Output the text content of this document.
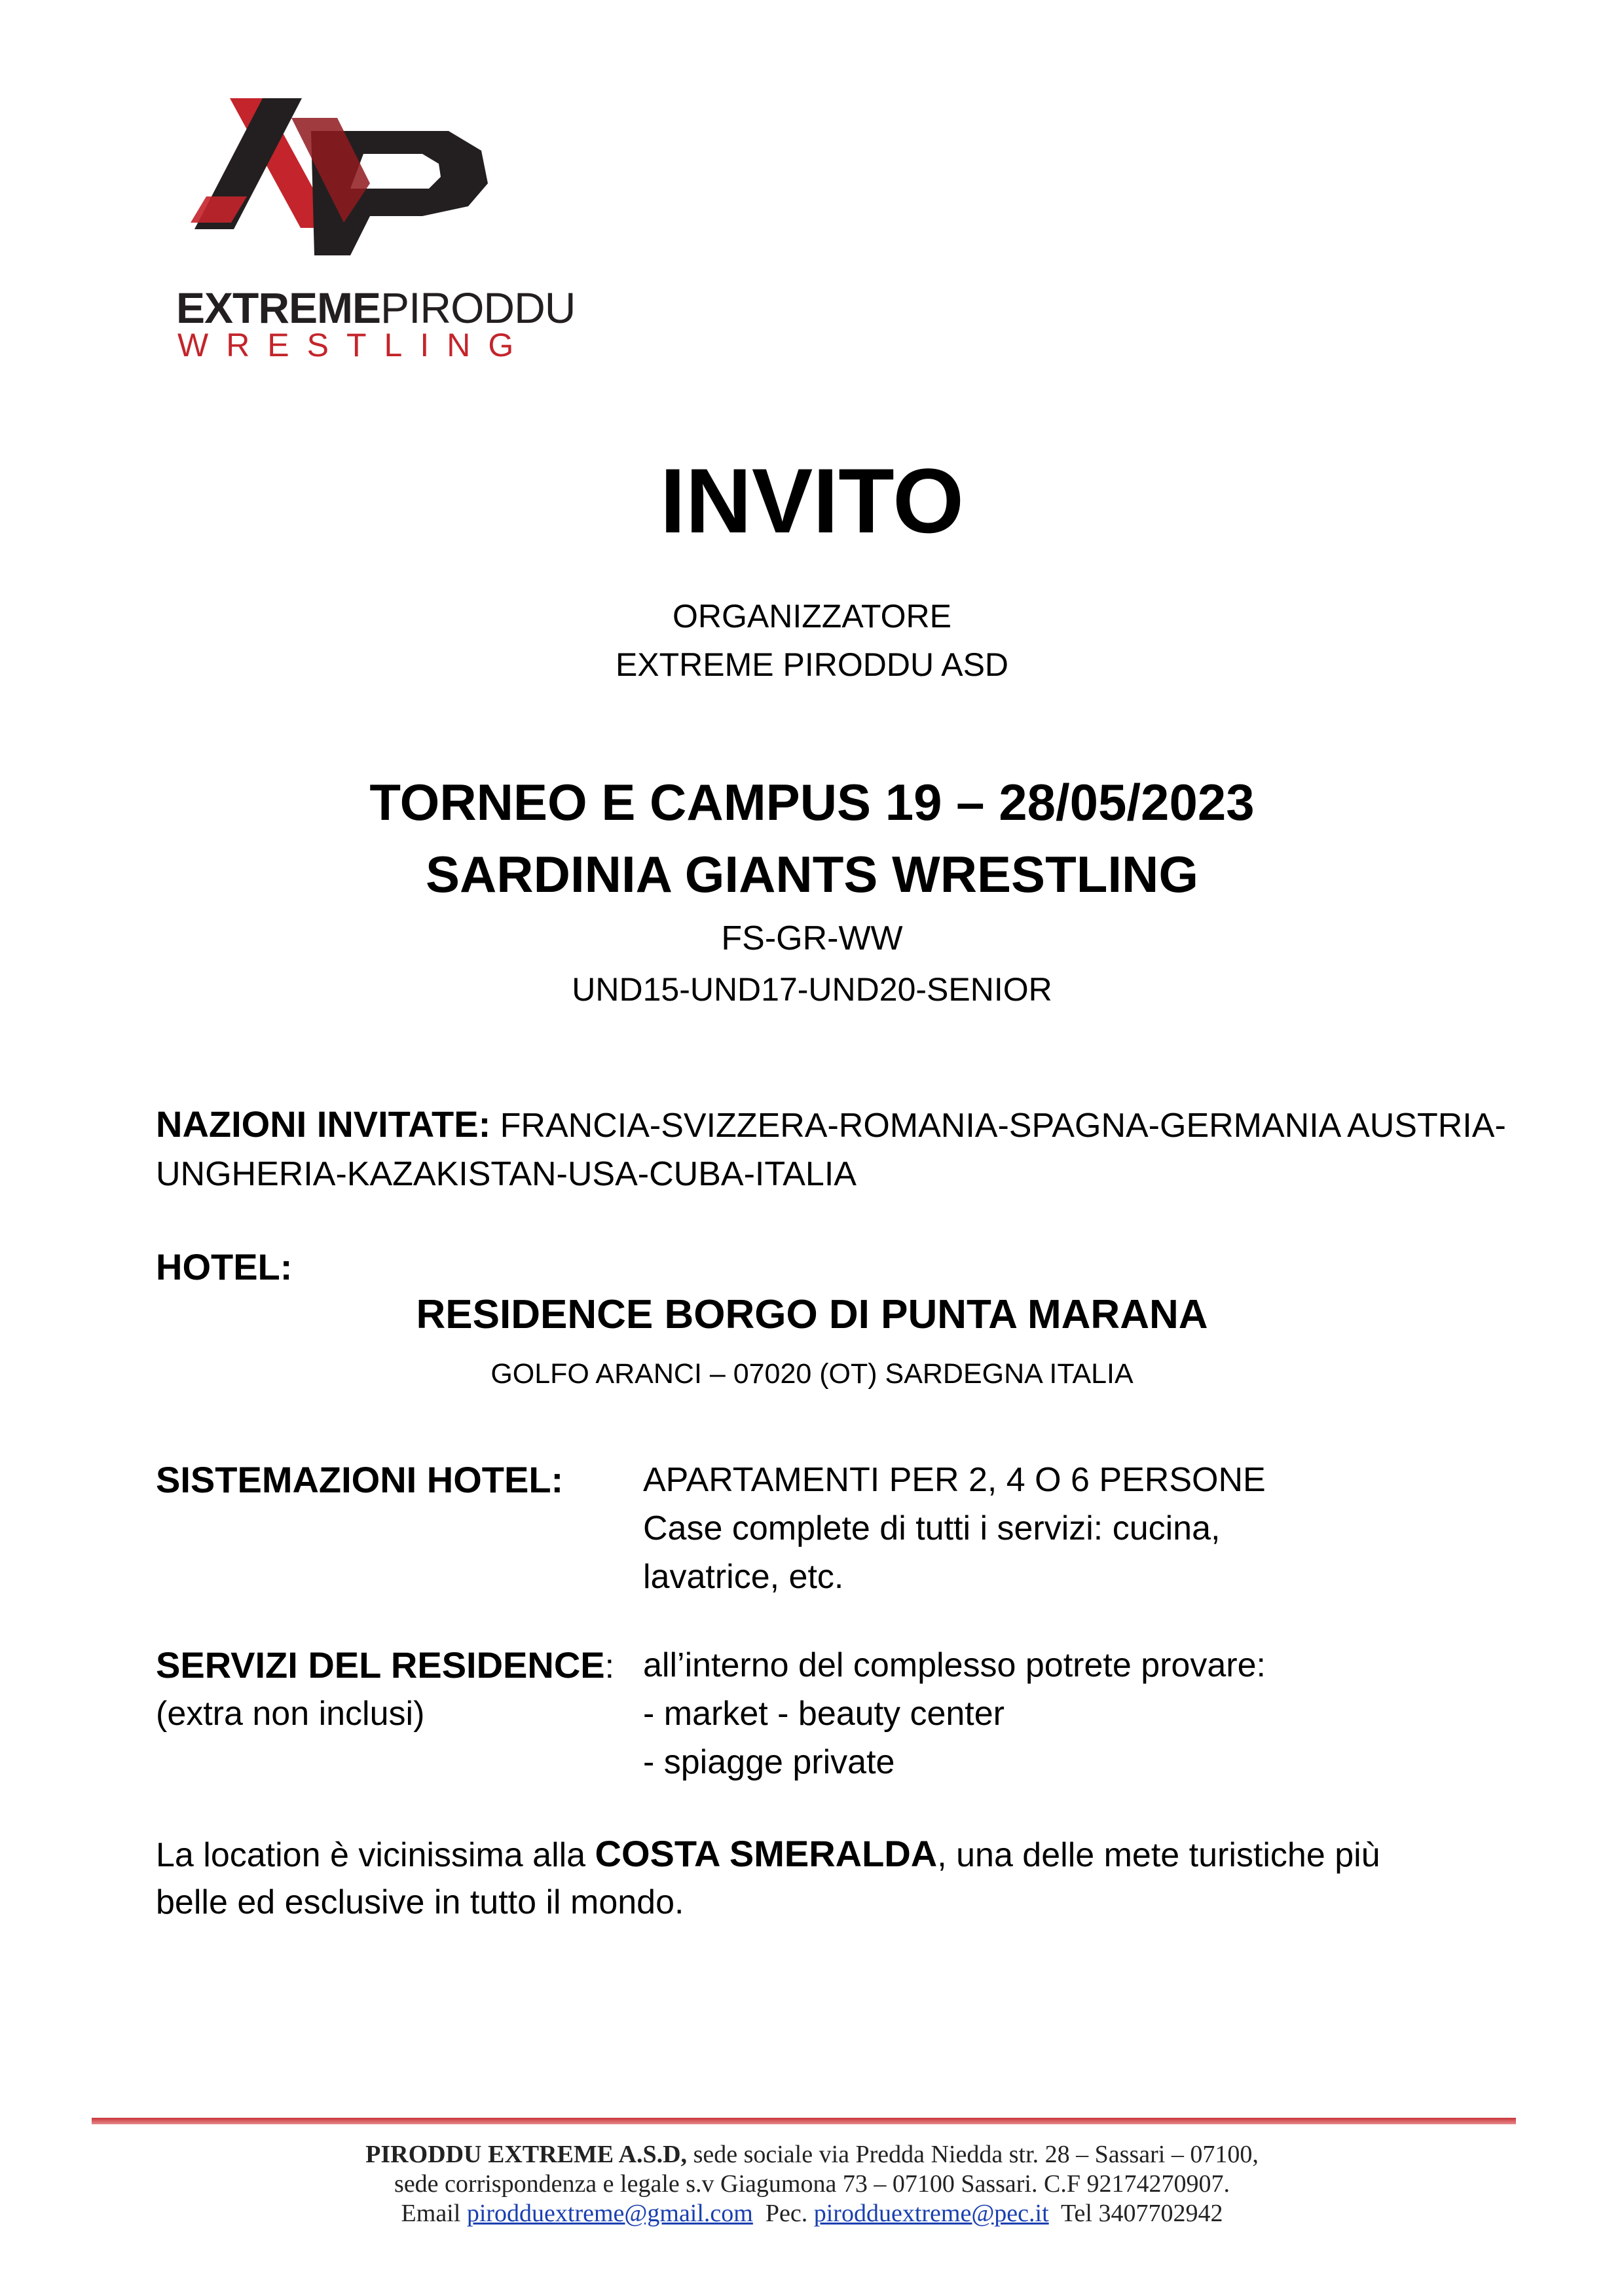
EXTREMEPIRODDU
WRESTLING
INVITO
ORGANIZZATORE
EXTREME PIRODDU ASD
TORNEO E CAMPUS 19 – 28/05/2023
SARDINIA GIANTS WRESTLING
FS-GR-WW
UND15-UND17-UND20-SENIOR
NAZIONI INVITATE: FRANCIA-SVIZZERA-ROMANIA-SPAGNA-GERMANIA AUSTRIA-
UNGHERIA-KAZAKISTAN-USA-CUBA-ITALIA
HOTEL:
RESIDENCE BORGO DI PUNTA MARANA
GOLFO ARANCI – 07020 (OT) SARDEGNA ITALIA
SISTEMAZIONI HOTEL: APARTAMENTI PER 2, 4 O 6 PERSONE
Case complete di tutti i servizi: cucina,
lavatrice, etc.
SERVIZI DEL RESIDENCE:
(extra non inclusi)
all’interno del complesso potrete provare:
- market - beauty center
- spiagge private
La location è vicinissima alla COSTA SMERALDA, una delle mete turistiche più
belle ed esclusive in tutto il mondo.
PIRODDU EXTREME A.S.D, sede sociale via Predda Niedda str. 28 – Sassari – 07100,
sede corrispondenza e legale s.v Giagumona 73 – 07100 Sassari. C.F 92174270907.
Email pirodduextreme@gmail.com  Pec. pirodduextreme@pec.it  Tel 3407702942
